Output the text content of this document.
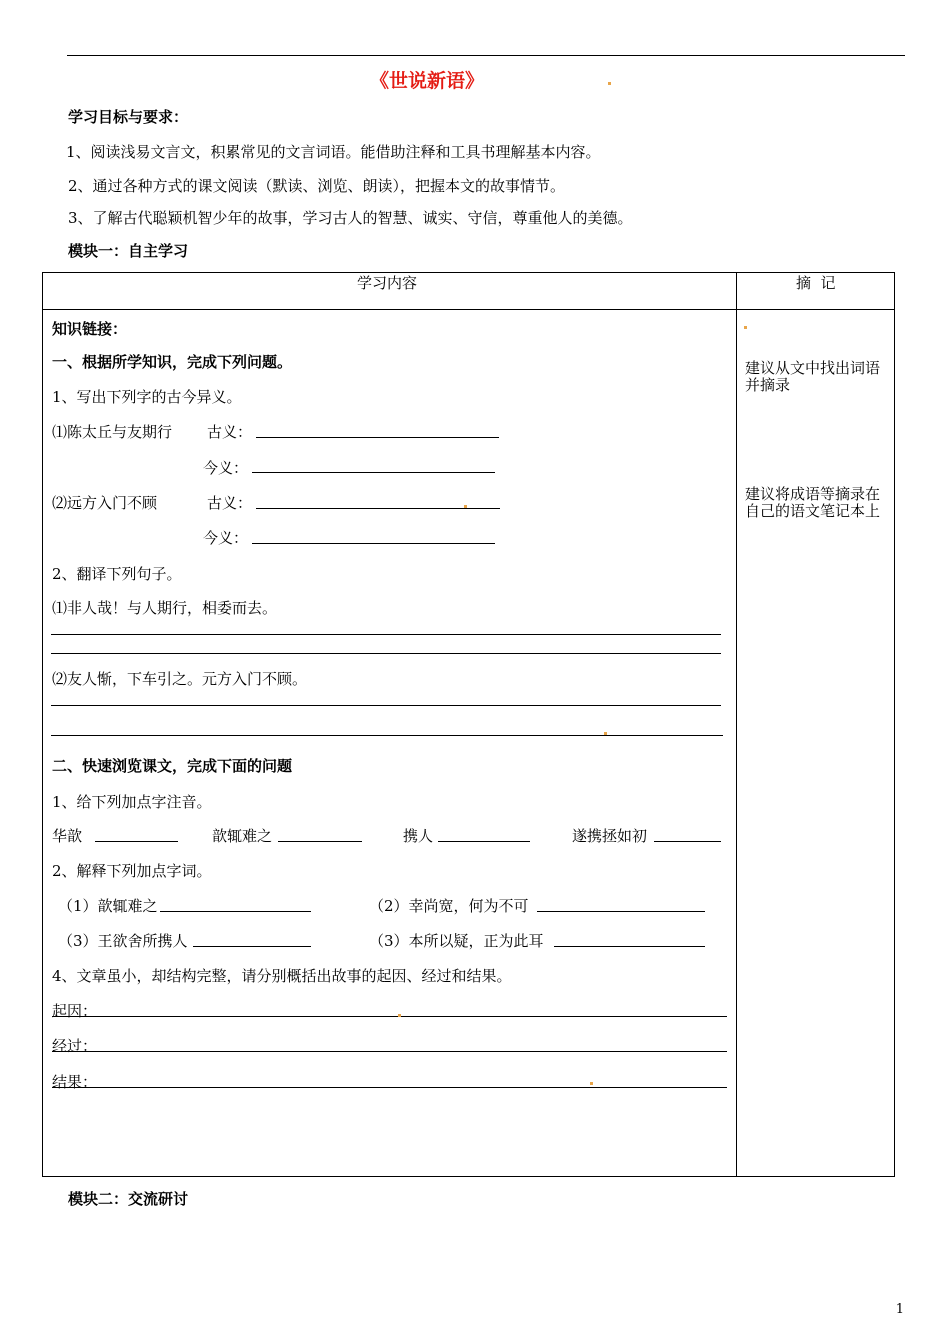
《世说新语》
学习目标与要求：
1、阅读浅易文言文，积累常见的文言词语。能借助注释和工具书理解基本内容。
2、通过各种方式的课文阅读（默读、浏览、朗读），把握本文的故事情节。
3、了解古代聪颖机智少年的故事，学习古人的智慧、诚实、守信，尊重他人的美德。
模块一：自主学习
学习内容	摘  记
知识链接：
一、根据所学知识，完成下列问题。
1、写出下列字的古今异义。
⑴陈太丘与友期行 古义：
今义：
⑵远方入门不顾	古义：
今义：
2、翻译下列句子。
⑴非人哉！与人期行，相委而去。
⑵友人惭，下车引之。元方入门不顾。
二、快速浏览课文，完成下面的问题
1、给下列加点字注音。
华歆	歆辄难之	携人	遂携拯如初
2、解释下列加点字词。
（1）歆辄难之	（2）幸尚宽，何为不可
（3）王欲舍所携人	（3）本所以疑，正为此耳
4、文章虽小，却结构完整，请分别概括出故事的起因、经过和结果。
起因：
经过：
结果：
建议从文中找出词语并摘录
建议将成语等摘录在自己的语文笔记本上
模块二：交流研讨
1
